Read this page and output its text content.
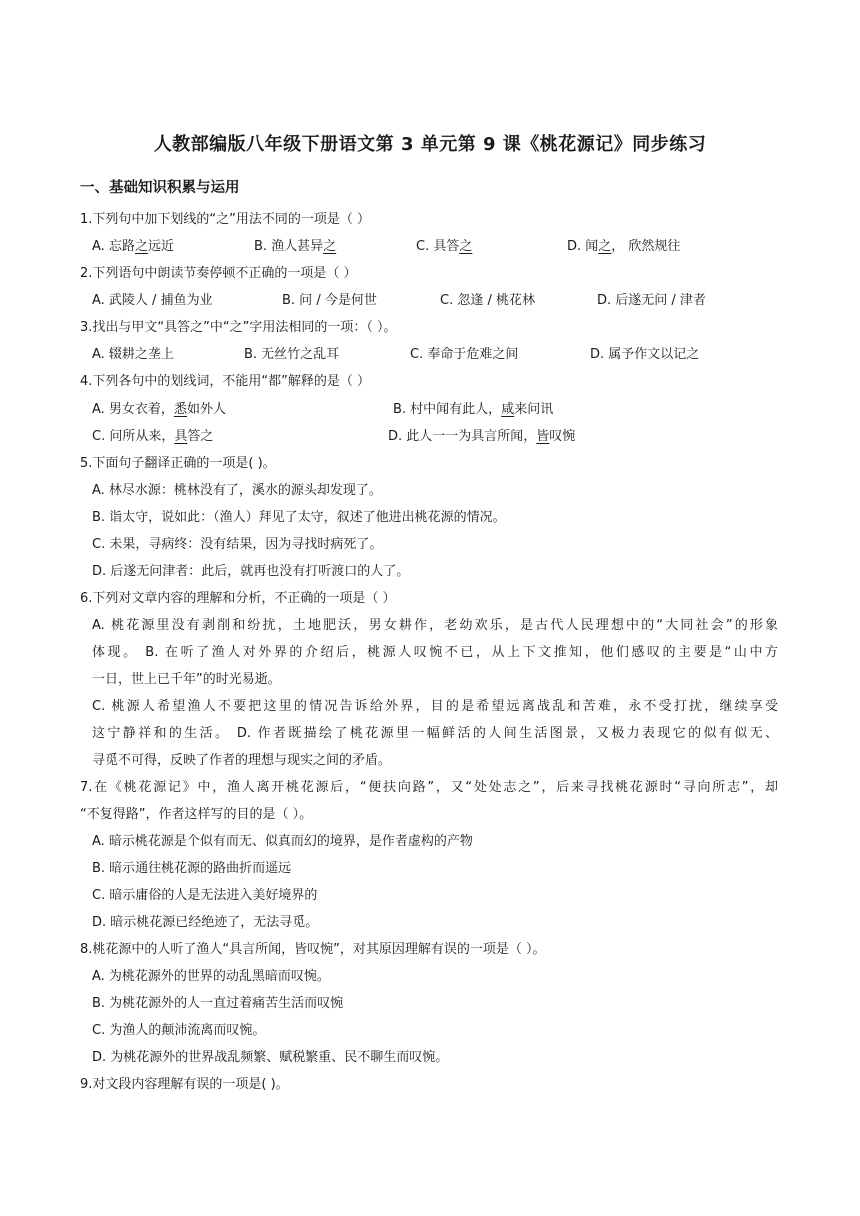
人教部编版八年级下册语文第 3 单元第 9 课《桃花源记》同步练习
一、基础知识积累与运用
1.下列句中加下划线的“之”用法不同的一项是（ ）
A. 忘路之远近	B. 渔人甚异之	C. 具答之	D. 闻之， 欣然规往
2.下列语句中朗读节奏停顿不正确的一项是（ ）
A. 武陵人 / 捕鱼为业	B. 问 / 今是何世	C. 忽逢 / 桃花林	D. 后遂无问 / 津者
3.找出与甲文“具答之”中“之”字用法相同的一项：（ ）。
A. 辍耕之垄上	B. 无丝竹之乱耳	C. 奉命于危难之间	D. 属予作文以记之
4.下列各句中的划线词，不能用“都”解释的是（ ）
A. 男女衣着，悉如外人	B. 村中闻有此人，咸来问讯
C. 问所从来，具答之	D. 此人一一为具言所闻，皆叹惋
5.下面句子翻译正确的一项是( )。
A. 林尽水源：桃林没有了，溪水的源头却发现了。
B. 诣太守，说如此：（渔人）拜见了太守，叙述了他进出桃花源的情况。
C. 未果，寻病终：没有结果，因为寻找时病死了。
D. 后遂无问津者：此后，就再也没有打听渡口的人了。
6.下列对文章内容的理解和分析，不正确的一项是（ ）
A. 桃花源里没有剥削和纷扰，土地肥沃，男女耕作，老幼欢乐，是古代人民理想中的“大同社会”的形象
体现。 B. 在听了渔人对外界的介绍后，桃源人叹惋不已，从上下文推知，他们感叹的主要是“山中方
一日，世上已千年”的时光易逝。
C. 桃源人希望渔人不要把这里的情况告诉给外界，目的是希望远离战乱和苦难，永不受打扰，继续享受
这宁静祥和的生活。 D. 作者既描绘了桃花源里一幅鲜活的人间生活图景，又极力表现它的似有似无、
寻觅不可得，反映了作者的理想与现实之间的矛盾。
7.在《桃花源记》中，渔人离开桃花源后，“便扶向路”，又“处处志之”，后来寻找桃花源时“寻向所志”，却
“不复得路”，作者这样写的目的是（ ）。
A. 暗示桃花源是个似有而无、似真而幻的境界，是作者虚构的产物
B. 暗示通往桃花源的路曲折而遥远
C. 暗示庸俗的人是无法进入美好境界的
D. 暗示桃花源已经绝迹了，无法寻觅。
8.桃花源中的人听了渔人“具言所闻，皆叹惋”，对其原因理解有误的一项是（ ）。
A. 为桃花源外的世界的动乱黑暗而叹惋。
B. 为桃花源外的人一直过着痛苦生活而叹惋
C. 为渔人的颠沛流离而叹惋。
D. 为桃花源外的世界战乱频繁、赋税繁重、民不聊生而叹惋。
9.对文段内容理解有误的一项是( )。
